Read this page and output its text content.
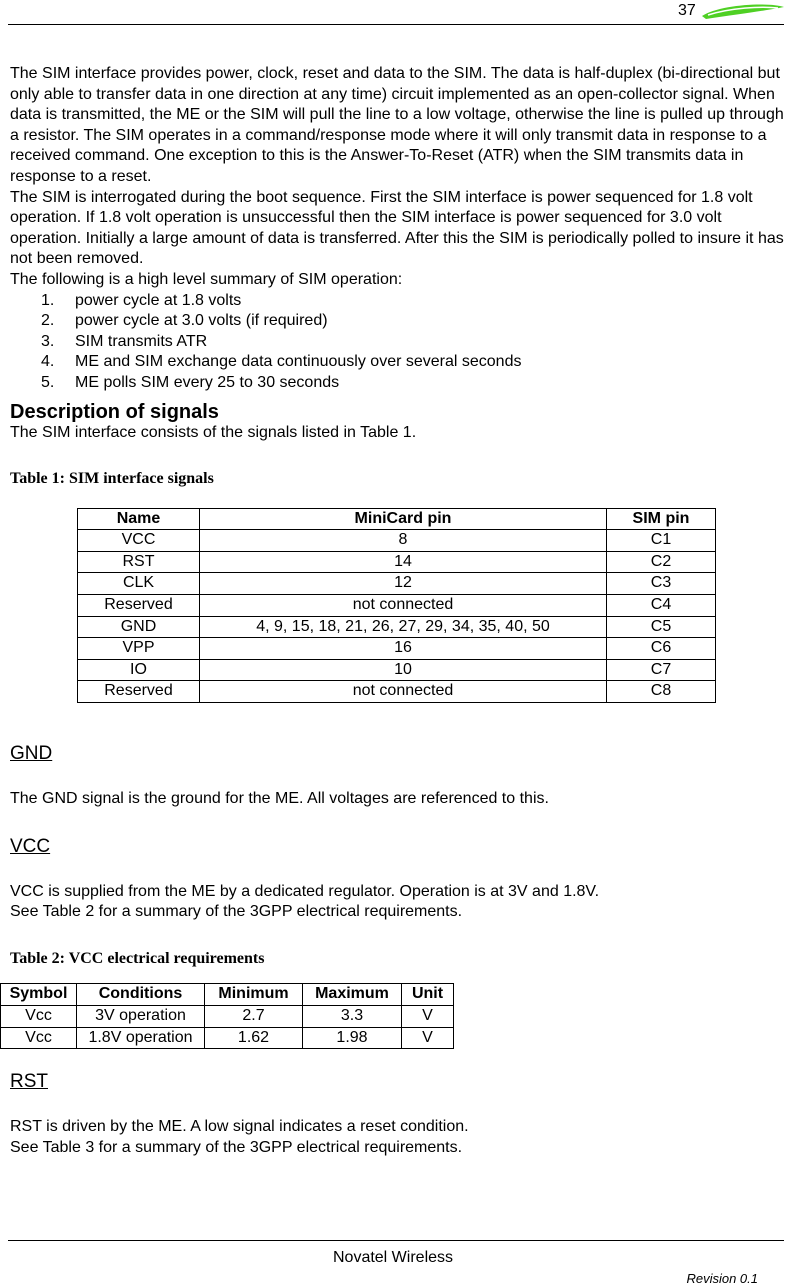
37

The SIM interface provides power, clock, reset and data to the SIM. The data is half-duplex (bi-directional but only able to transfer data in one direction at any time) circuit implemented as an open-collector signal. When data is transmitted, the ME or the SIM will pull the line to a low voltage, otherwise the line is pulled up through a resistor. The SIM operates in a command/response mode where it will only transmit data in response to a received command. One exception to this is the Answer-To-Reset (ATR) when the SIM transmits data in response to a reset.

The SIM is interrogated during the boot sequence. First the SIM interface is power sequenced for 1.8 volt operation. If 1.8 volt operation is unsuccessful then the SIM interface is power sequenced for 3.0 volt operation. Initially a large amount of data is transferred. After this the SIM is periodically polled to insure it has not been removed.

The following is a high level summary of SIM operation:

1. power cycle at 1.8 volts
2. power cycle at 3.0 volts (if required)
3. SIM transmits ATR
4. ME and SIM exchange data continuously over several seconds
5. ME polls SIM every 25 to 30 seconds
Description of signals

The SIM interface consists of the signals listed in Table 1.

Table 1: SIM interface signals
Name	MiniCard pin	SIM pin
VCC	8	C1
RST	14	C2
CLK	12	C3
Reserved	not connected	C4
GND	4, 9, 15, 18, 21, 26, 27, 29, 34, 35, 40, 50	C5
VPP	16	C6
IO	10	C7
Reserved	not connected	C8
GND

The GND signal is the ground for the ME. All voltages are referenced to this.

VCC

VCC is supplied from the ME by a dedicated regulator. Operation is at 3V and 1.8V.

See Table 2 for a summary of the 3GPP electrical requirements.

Table 2: VCC electrical requirements
Symbol	Conditions	Minimum	Maximum	Unit
Vcc	3V operation	2.7	3.3	V
Vcc	1.8V operation	1.62	1.98	V
RST

RST is driven by the ME. A low signal indicates a reset condition.

See Table 3 for a summary of the 3GPP electrical requirements.

Novatel Wireless
Revision 0.1
